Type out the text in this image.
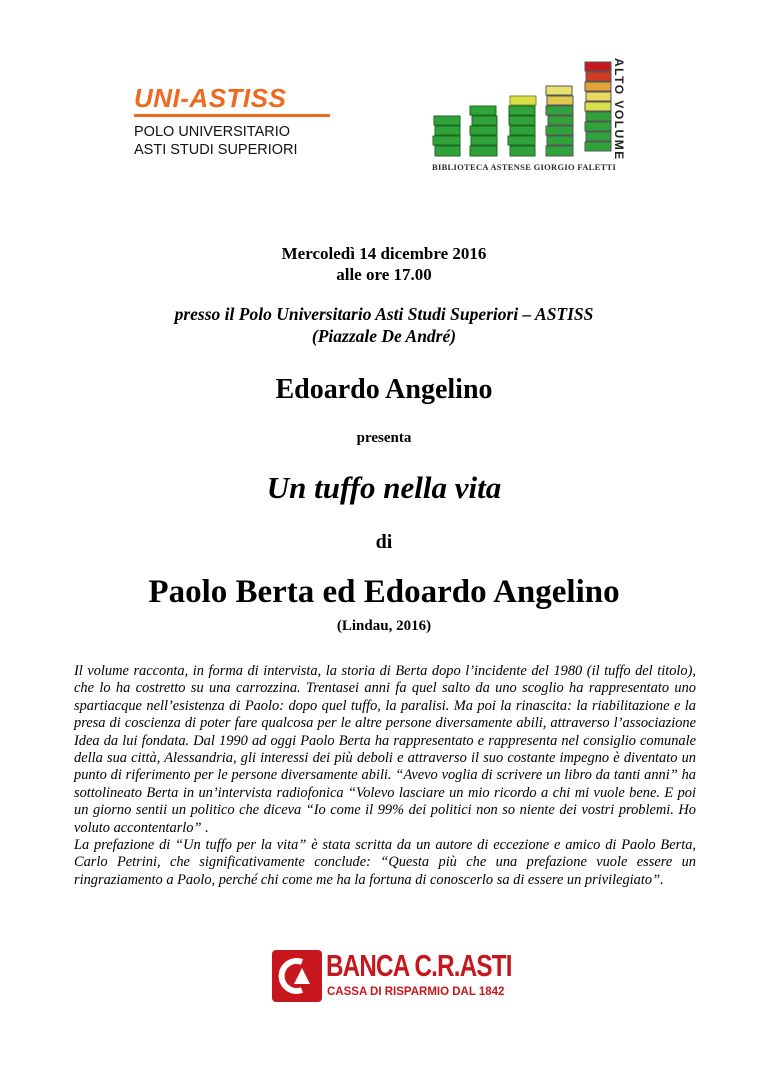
UNI-ASTISS
POLO UNIVERSITARIO
ASTI STUDI SUPERIORI
BIBLIOTECA ASTENSE GIORGIO FALETTI
ALTO VOLUME
Mercoledì 14 dicembre 2016
alle ore 17.00
presso il Polo Universitario Asti Studi Superiori – ASTISS
(Piazzale De André)
Edoardo Angelino
presenta
Un tuffo nella vita
di
Paolo Berta ed Edoardo Angelino
(Lindau, 2016)

Il volume racconta, in forma di intervista, la storia di Berta dopo l’incidente del 1980 (il tuffo del titolo), che lo ha costretto su una carrozzina. Trentasei anni fa quel salto da uno scoglio ha rappresentato uno spartiacque nell’esistenza di Paolo: dopo quel tuffo, la paralisi. Ma poi la rinascita: la riabilitazione e la presa di coscienza di poter fare qualcosa per le altre persone diversamente abili, attraverso l’associazione Idea da lui fondata. Dal 1990 ad oggi Paolo Berta ha rappresentato e rappresenta nel consiglio comunale della sua città, Alessandria, gli interessi dei più deboli e attraverso il suo costante impegno è diventato un punto di riferimento per le persone diversamente abili. “Avevo voglia di scrivere un libro da tanti anni” ha sottolineato Berta in un’intervista radiofonica “Volevo lasciare un mio ricordo a chi mi vuole bene. E poi un giorno sentii un politico che diceva “Io come il 99% dei politici non so niente dei vostri problemi. Ho voluto accontentarlo” .

La prefazione di “Un tuffo per la vita” è stata scritta da un autore di eccezione e amico di Paolo Berta, Carlo Petrini, che significativamente conclude: “Questa più che una prefazione vuole essere un ringraziamento a Paolo, perché chi come me ha la fortuna di conoscerlo sa di essere un privilegiato”.

BANCA C.R.ASTI
CASSA DI RISPARMIO DAL 1842
